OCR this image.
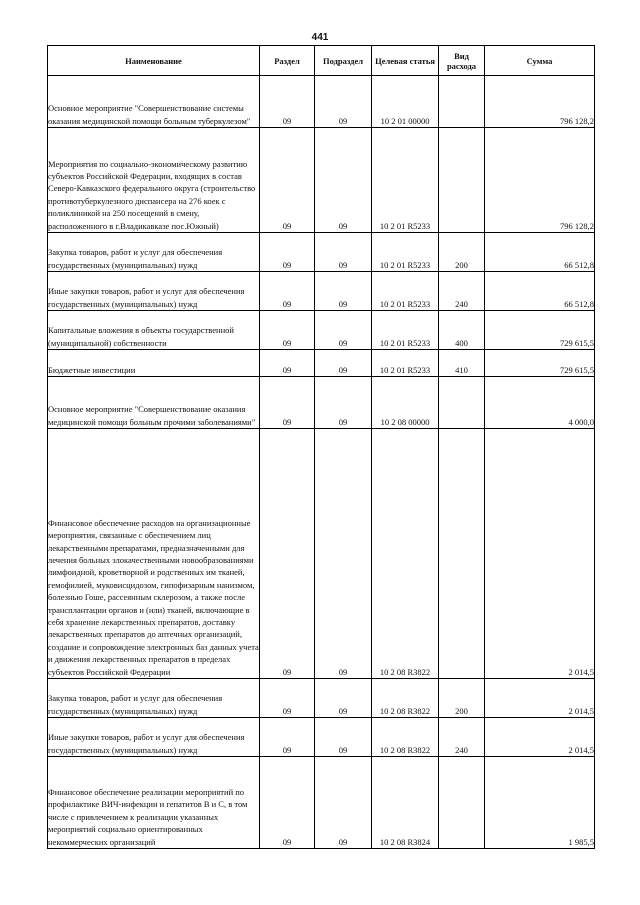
441
Наименование	Раздел	Подраздел	Целевая статья	Вид расхода	Сумма
Основное мероприятие "Совершенствование системы оказания медицинской помощи больным туберкулезом"	09	09	10 2 01 00000		796 128,2
Мероприятия по социально-экономическому развитию субъектов Российской Федерации, входящих в состав Северо-Кавказского федерального округа (строительство противотуберкулезного диспансера на 276 коек с поликлиникой на 250 посещений в смену, расположенного в г.Владикавказе пос.Южный)	09	09	10 2 01 R5233		796 128,2
Закупка товаров, работ и услуг для обеспечения государственных (муниципальных) нужд	09	09	10 2 01 R5233	200	66 512,8
Иные закупки товаров, работ и услуг для обеспечения государственных (муниципальных) нужд	09	09	10 2 01 R5233	240	66 512,8
Капитальные вложения в объекты государственной (муниципальной) собственности	09	09	10 2 01 R5233	400	729 615,5
Бюджетные инвестиции	09	09	10 2 01 R5233	410	729 615,5
Основное мероприятие "Совершенствование оказания медицинской помощи больным прочими заболеваниями"	09	09	10 2 08 00000		4 000,0
Финансовое обеспечение расходов на организационные мероприятия, связанные с обеспечением лиц лекарственными препаратами, предназначенными для лечения больных злокачественными новообразованиями лимфоидной, кроветворной и родственных им тканей, гемофилией, муковисцидозом, гипофизарным нанизмом, болезнью Гоше, рассеянным склерозом, а также после трансплантации органов и (или) тканей, включающие в себя хранение лекарственных препаратов, доставку лекарственных препаратов до аптечных организаций, создание и сопровождение электронных баз данных учета и движения лекарственных препаратов в пределах субъектов Российской Федерации	09	09	10 2 08 R3822		2 014,5
Закупка товаров, работ и услуг для обеспечения государственных (муниципальных) нужд	09	09	10 2 08 R3822	200	2 014,5
Иные закупки товаров, работ и услуг для обеспечения государственных (муниципальных) нужд	09	09	10 2 08 R3822	240	2 014,5
Финансовое обеспечение реализации мероприятий по профилактике ВИЧ-инфекции и гепатитов В и С, в том числе с привлечением к реализации указанных мероприятий социально ориентированных некоммерческих организаций	09	09	10 2 08 R3824		1 985,5
